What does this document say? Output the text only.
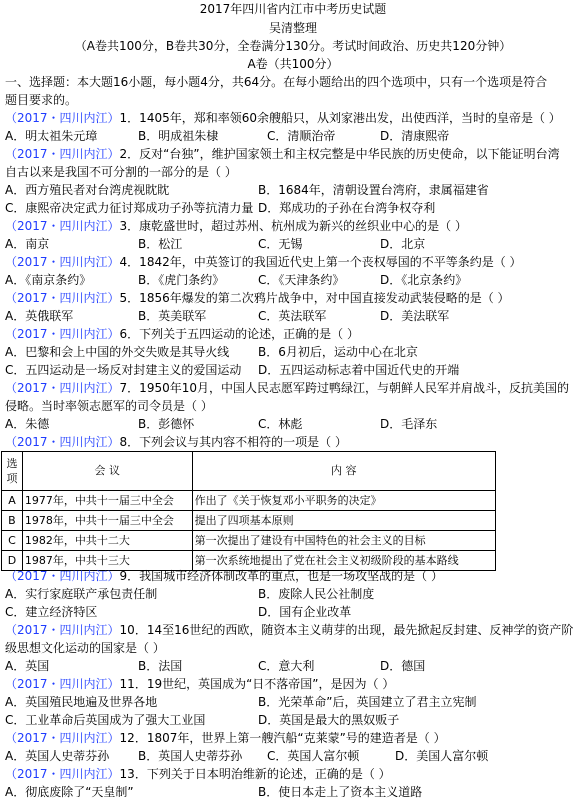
2017年四川省内江市中考历史试题
吴清整理
（A卷共100分，B卷共30分，全卷满分130分。考试时间政治、历史共120分钟）
A卷（共100分）
一、选择题：本大题16小题，每小题4分，共64分。在每小题给出的四个选项中，只有一个选项是符合
题目要求的。
（2017・四川内江）1．1405年，郑和率领60余艘船只，从刘家港出发，出使西洋，当时的皇帝是（ ）
A．明太祖朱元璋	B．明成祖朱棣	C．清顺治帝	D．清康熙帝
（2017・四川内江）2．反对“台独”，维护国家领土和主权完整是中华民族的历史使命，以下能证明台湾
自古以来是我国不可分割的一部分的是（ ）
A．西方殖民者对台湾虎视眈眈	B．1684年，清朝设置台湾府，隶属福建省
C．康熙帝决定武力征讨郑成功子孙等抗清力量 D．郑成功的子孙在台湾争权夺利
（2017・四川内江）3．康乾盛世时，超过苏州、杭州成为新兴的丝织业中心的是（ ）
A．南京	B．松江	C．无锡	D．北京
（2017・四川内江）4．1842年，中英签订的我国近代史上第一个丧权辱国的不平等条约是（ ）
A．《南京条约》	B．《虎门条约》	C．《天津条约》	D．《北京条约》
（2017・四川内江）5．1856年爆发的第二次鸦片战争中，对中国直接发动武装侵略的是（ ）
A．英俄联军	B．英美联军	C．英法联军	D．美法联军
（2017・四川内江）6．下列关于五四运动的论述，正确的是（ ）
A．巴黎和会上中国的外交失败是其导火线 B．6月初后，运动中心在北京
C．五四运动是一场反对封建主义的爱国运动 D．五四运动标志着中国近代史的开端
（2017・四川内江）7．1950年10月，中国人民志愿军跨过鸭绿江，与朝鲜人民军并肩战斗，反抗美国的
侵略。当时率领志愿军的司令员是（ ）
A．朱德	B．彭德怀	C．林彪	D．毛泽东
（2017・四川内江）8．下列会议与其内容不相符的一项是（ ）
选项	会 议	内 容
A	1977年，中共十一届三中全会	作出了《关于恢复邓小平职务的决定》
B	1978年，中共十一届三中全会	提出了四项基本原则
C	1982年，中共十二大	第一次提出了建设有中国特色的社会主义的目标
D	1987年，中共十三大	第一次系统地提出了党在社会主义初级阶段的基本路线
（2017・四川内江）9．我国城市经济体制改革的重点，也是一场攻坚战的是（ ）
A．实行家庭联产承包责任制	B．废除人民公社制度
C．建立经济特区	D．国有企业改革
（2017・四川内江）10．14至16世纪的西欧，随资本主义萌芽的出现，最先掀起反封建、反神学的资产阶
级思想文化运动的国家是（ ）
A．英国	B．法国	C．意大利	D．德国
（2017・四川内江）11．19世纪，英国成为“日不落帝国”，是因为（ ）
A．英国殖民地遍及世界各地	B．光荣革命”后，英国建立了君主立宪制
C．工业革命后英国成为了强大工业国	D．英国是最大的黑奴贩子
（2017・四川内江）12．1807年，世界上第一艘汽船“克莱蒙”号的建造者是（ ）
A．英国人史蒂芬孙 B．英国人史蒂芬孙 C．英国人富尔顿	D．美国人富尔顿
（2017・四川内江）13．下列关于日本明治维新的论述，正确的是（ ）
A．彻底废除了“天皇制”	B．使日本走上了资本主义道路
